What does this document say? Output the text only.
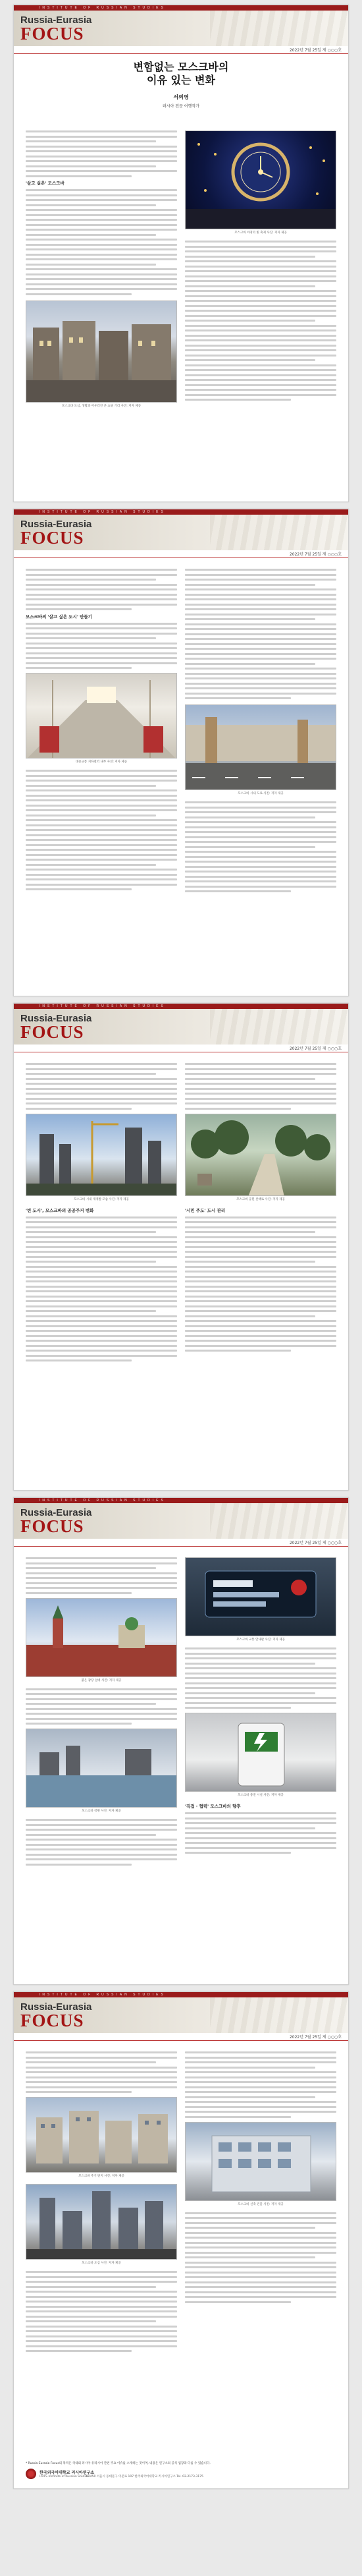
INSTITUTE OF RUSSIAN STUDIES
Russia-Eurasia
FOCUS
2022년 7월 25일 제 ○○○호
변함없는 모스크바의
이유 있는 변화
서의영
러시아 전문 여행작가
'살고 싶은' 모스크바
모스크바 도심, 생활과 어우러진 큰 쇼핑 거리 사진: 저자 제공
모스크바 야경의 빛 축제 사진: 저자 제공
INSTITUTE OF RUSSIAN STUDIES
Russia-Eurasia
FOCUS
2022년 7월 25일 제 ○○○호
모스크바의 '살고 싶은 도시' 만들기
대중교통 지하철역 내부 사진: 저자 제공
모스크바 시내 도로 사진: 저자 제공
INSTITUTE OF RUSSIAN STUDIES
Russia-Eurasia
FOCUS
2022년 7월 25일 제 ○○○호
모스크바 시내 재개발 모습 사진: 저자 제공
'빈 도시', 모스크바의 공공주거 변화
모스크바 공원 산책로 사진: 저자 제공
'시민 주도' 도시 관리
INSTITUTE OF RUSSIAN STUDIES
Russia-Eurasia
FOCUS
2022년 7월 25일 제 ○○○호
붉은 광장 일대 사진: 저자 제공
모스크바 강변 사진: 저자 제공
모스크바 교통 안내판 사진: 저자 제공
모스크바 충전 시설 사진: 저자 제공
'직접 · 협력' 모스크바의 향후
INSTITUTE OF RUSSIAN STUDIES
Russia-Eurasia
FOCUS
2022년 7월 25일 제 ○○○호
모스크바 주거 단지 사진: 저자 제공
모스크바 도심 사진: 저자 제공
모스크바 신축 건물 사진: 저자 제공
* Russia-Eurasia Focus의 목적은 국내외 러시아·유라시아 관련 주요 이슈를 소개하는 것이며, 내용은 연구소의 공식 입장과 다를 수 있습니다.
한국외국어대학교 러시아연구소
HUFS Institute of Russian Studies
02450 서울시 동대문구 이문로 107 한국외국어대학교 러시아연구소 Tel. 02-2173-3175
